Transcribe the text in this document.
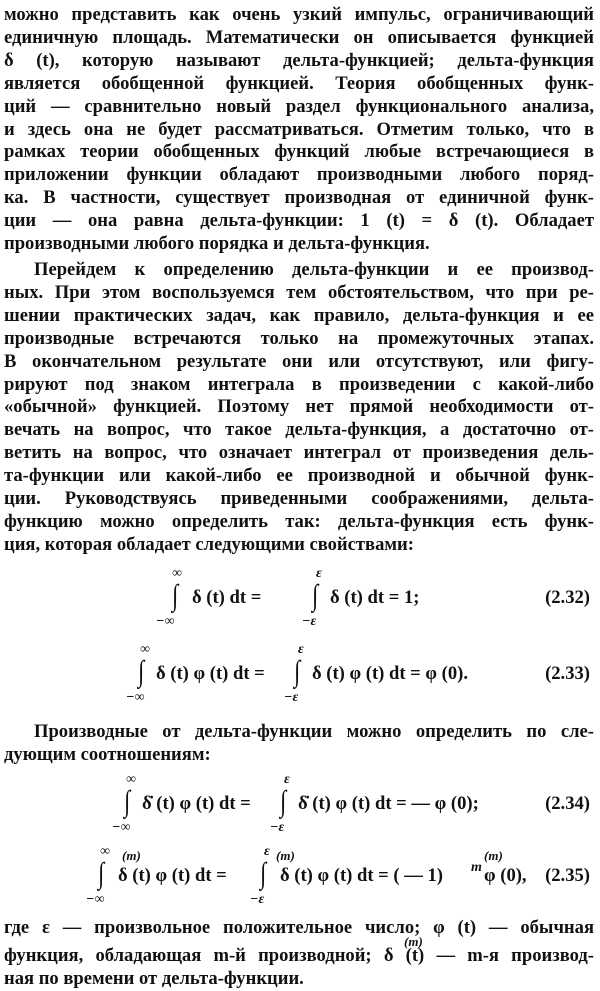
можно представить как очень узкий импульс, ограничивающий
единичную площадь. Математически он описывается функцией
δ (t), которую называют дельта-функцией; дельта-функция
является обобщенной функцией. Теория обобщенных функ-
ций — сравнительно новый раздел функционального анализа,
и здесь она не будет рассматриваться. Отметим только, что в
рамках теории обобщенных функций любые встречающиеся в
приложении функции обладают производными любого поряд-
ка. В частности, существует производная от единичной функ-
ции — она равна дельта-функции: 1 (t) = δ (t). Обладает
производными любого порядка и дельта-функция.
Перейдем к определению дельта-функции и ее производ-
ных. При этом воспользуемся тем обстоятельством, что при ре-
шении практических задач, как правило, дельта-функция и ее
производные встречаются только на промежуточных этапах.
В окончательном результате они или отсутствуют, или фигу-
рируют под знаком интеграла в произведении с какой-либо
«обычной» функцией. Поэтому нет прямой необходимости от-
вечать на вопрос, что такое дельта-функция, а достаточно от-
ветить на вопрос, что означает интеграл от произведения дель-
та-функции или какой-либо ее производной и обычной функ-
ции. Руководствуясь приведенными соображениями, дельта-
функцию можно определить так: дельта-функция есть функ-
ция, которая обладает следующими свойствами:
∞
∫
−∞
δ (t) dt =
ε
∫
−ε
δ (t) dt = 1;	(2.32)
∞
∫
−∞
δ (t) φ (t) dt =
ε
∫
−ε
δ (t) φ (t) dt = φ (0).	(2.33)
Производные от дельта-функции можно определить по сле-
дующим соотношениям:
∞
∫
−∞
δ̇ (t) φ (t) dt =
ε
∫
−ε
δ̇ (t) φ (t) dt = — φ (0);	(2.34)
∞ (m)
∫
−∞
δ (t) φ (t) dt =
ε (m)
∫
−ε
δ (t) φ (t) dt = ( — 1) m
(m)
φ (0), (2.35)
где ε — произвольное положительное число; φ (t) — обычная
(m)
функция, обладающая m-й производной; δ (t) — m-я производ-
ная по времени от дельта-функции.
